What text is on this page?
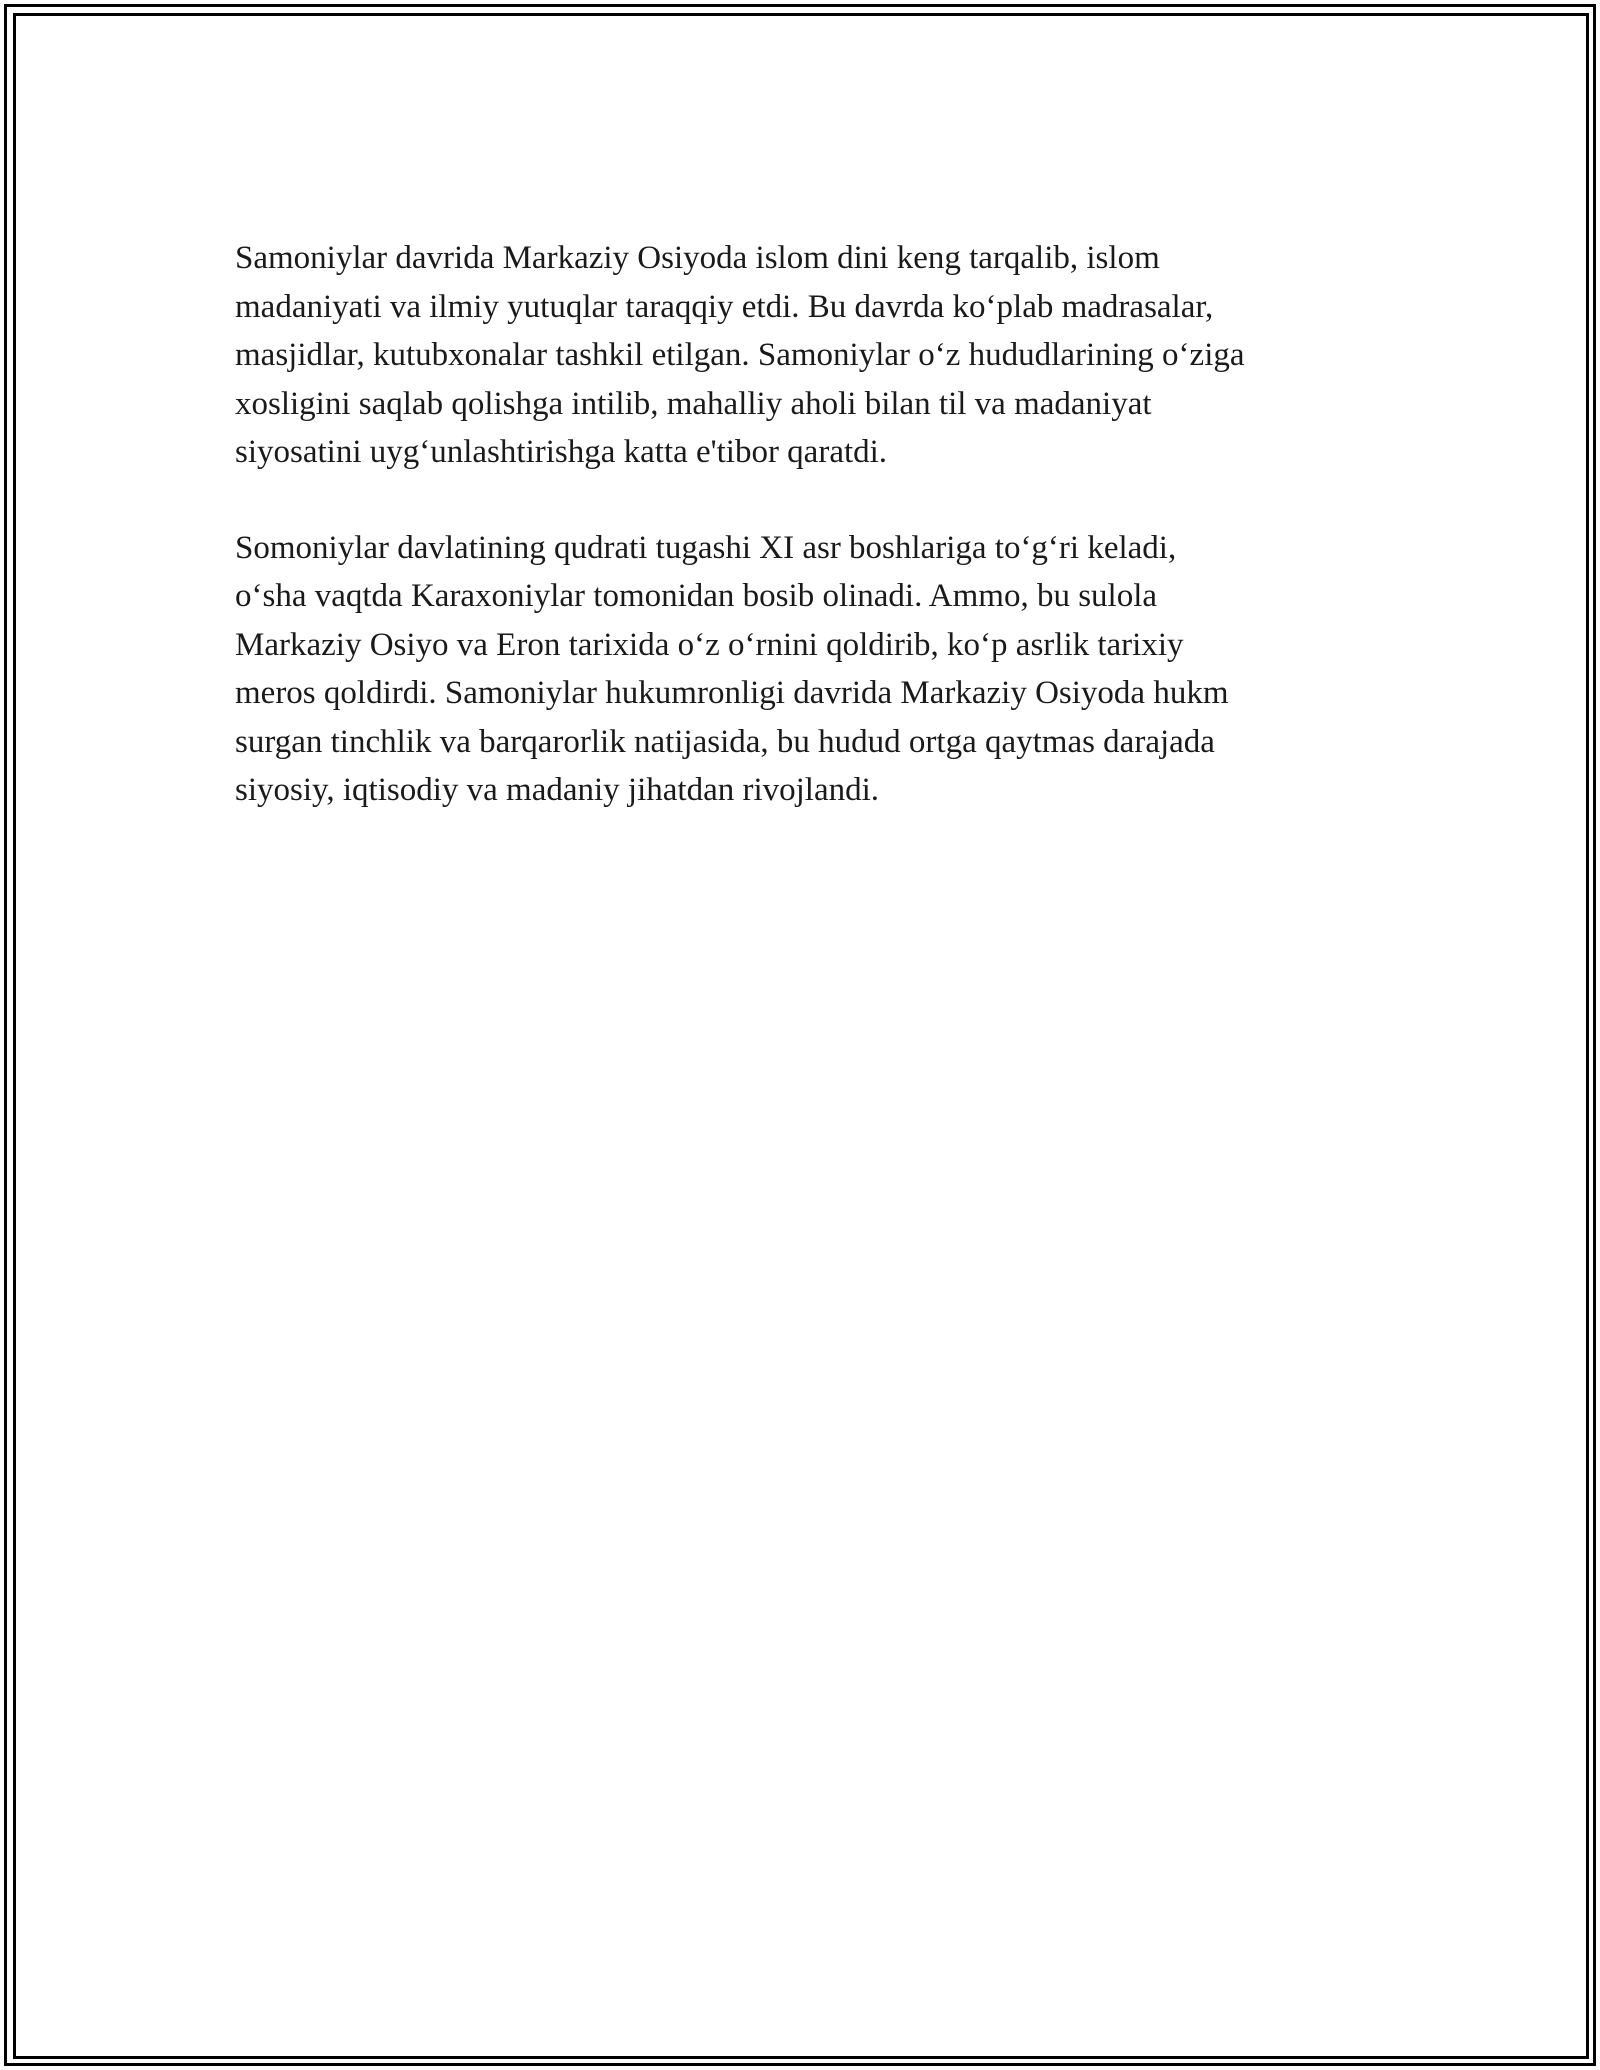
Samoniylar davrida Markaziy Osiyoda islom dini keng tarqalib, islom
madaniyati va ilmiy yutuqlar taraqqiy etdi. Bu davrda koʻplab madrasalar,
masjidlar, kutubxonalar tashkil etilgan. Samoniylar oʻz hududlarining oʻziga
xosligini saqlab qolishga intilib, mahalliy aholi bilan til va madaniyat
siyosatini uygʻunlashtirishga katta e'tibor qaratdi.

Somoniylar davlatining qudrati tugashi XI asr boshlariga toʻgʻri keladi,
oʻsha vaqtda Karaxoniylar tomonidan bosib olinadi. Ammo, bu sulola
Markaziy Osiyo va Eron tarixida oʻz oʻrnini qoldirib, koʻp asrlik tarixiy
meros qoldirdi. Samoniylar hukumronligi davrida Markaziy Osiyoda hukm
surgan tinchlik va barqarorlik natijasida, bu hudud ortga qaytmas darajada
siyosiy, iqtisodiy va madaniy jihatdan rivojlandi.
